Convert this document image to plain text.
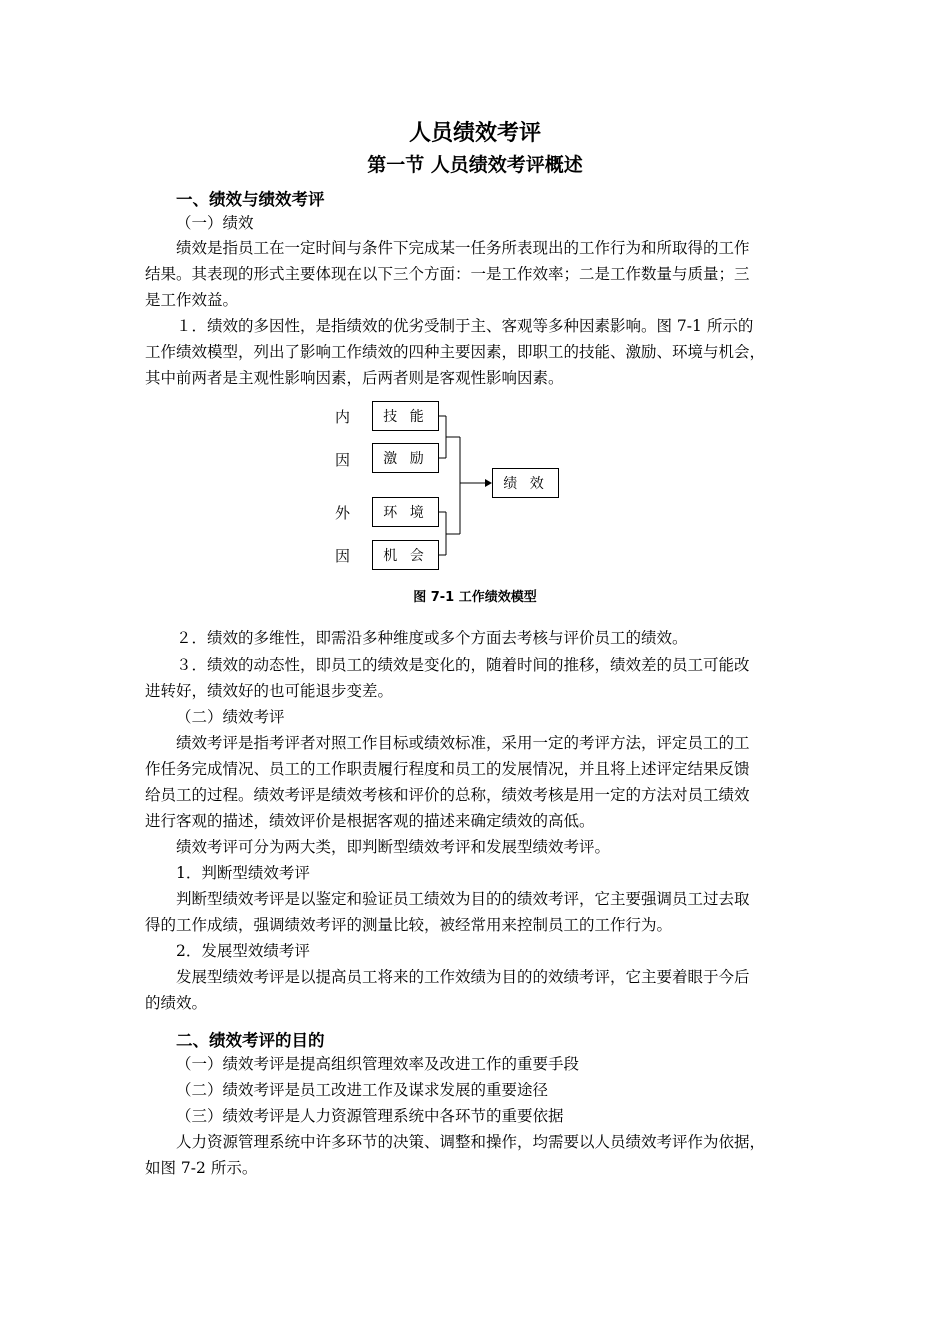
人员绩效考评
第一节 人员绩效考评概述
一、绩效与绩效考评
（一）绩效
绩效是指员工在一定时间与条件下完成某一任务所表现出的工作行为和所取得的工作
结果。其表现的形式主要体现在以下三个方面：一是工作效率；二是工作数量与质量；三
是工作效益。
１．绩效的多因性，是指绩效的优劣受制于主、客观等多种因素影响。图 7-1 所示的
工作绩效模型，列出了影响工作绩效的四种主要因素，即职工的技能、激励、环境与机会，
其中前两者是主观性影响因素，后两者则是客观性影响因素。
内
因
外
因
技 能
激 励
环 境
机 会
绩 效
图 7-1 工作绩效模型
２．绩效的多维性，即需沿多种维度或多个方面去考核与评价员工的绩效。
３．绩效的动态性，即员工的绩效是变化的，随着时间的推移，绩效差的员工可能改
进转好，绩效好的也可能退步变差。
（二）绩效考评
绩效考评是指考评者对照工作目标或绩效标准，采用一定的考评方法，评定员工的工
作任务完成情况、员工的工作职责履行程度和员工的发展情况，并且将上述评定结果反馈
给员工的过程。绩效考评是绩效考核和评价的总称，绩效考核是用一定的方法对员工绩效
进行客观的描述，绩效评价是根据客观的描述来确定绩效的高低。
绩效考评可分为两大类，即判断型绩效考评和发展型绩效考评。
1．判断型绩效考评
判断型绩效考评是以鉴定和验证员工绩效为目的的绩效考评，它主要强调员工过去取
得的工作成绩，强调绩效考评的测量比较，被经常用来控制员工的工作行为。
2．发展型效绩考评
发展型绩效考评是以提高员工将来的工作效绩为目的的效绩考评，它主要着眼于今后
的绩效。
二、绩效考评的目的
（一）绩效考评是提高组织管理效率及改进工作的重要手段
（二）绩效考评是员工改进工作及谋求发展的重要途径
（三）绩效考评是人力资源管理系统中各环节的重要依据
人力资源管理系统中许多环节的决策、调整和操作，均需要以人员绩效考评作为依据，
如图 7-2 所示。
